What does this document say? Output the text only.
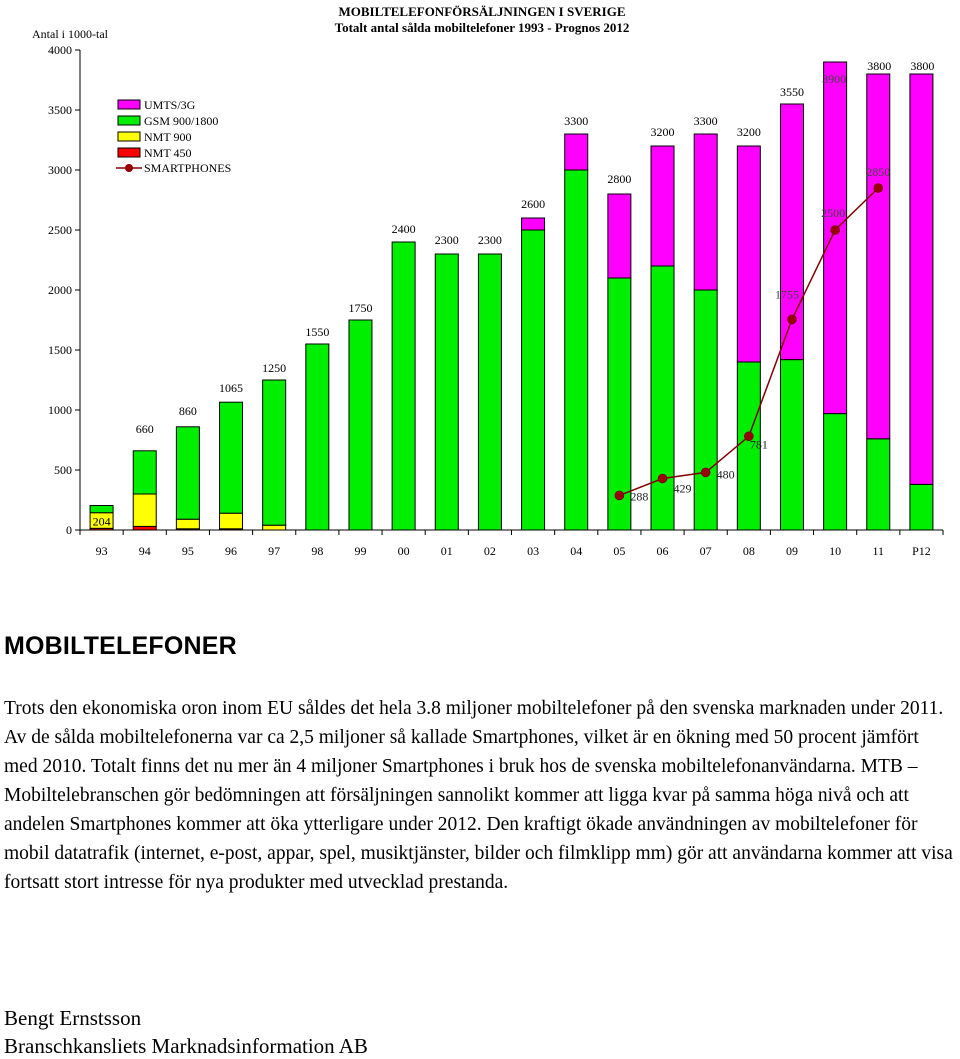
Antal i 1000-tal
MOBILTELEFONFÖRSÄLJNINGEN I SVERIGE
Totalt antal sålda mobiltelefoner 1993 - Prognos 2012
0
500
1000
1500
2000
2500
3000
3500
4000
93	94	95	96	97	98	99	00	01	02	03	04	05	06	07	08	09	10	11 P12
204
660
860
1065
1250
1550
1750
2400
2300 2300
2600
3300
2800
3200
3300
3200
3550
3900
3800 3800
288
429
480
781
1755
2500
2850
UMTS/3G
GSM 900/1800
NMT 900
NMT 450
SMARTPHONES
MOBILTELEFONER

Trots den ekonomiska oron inom EU såldes det hela 3.8 miljoner mobiltelefoner på den svenska marknaden under 2011. Av de sålda mobiltelefonerna var ca 2,5 miljoner så kallade Smartphones, vilket är en ökning med 50 procent jämfört med 2010. Totalt finns det nu mer än 4 miljoner Smartphones i bruk hos de svenska mobiltelefonanvändarna. MTB – Mobiltelebranschen gör bedömningen att försäljningen sannolikt kommer att ligga kvar på samma höga nivå och att andelen Smartphones kommer att öka ytterligare under 2012. Den kraftigt ökade användningen av mobiltelefoner för mobil datatrafik (internet, e-post, appar, spel, musiktjänster, bilder och filmklipp mm) gör att användarna kommer att visa fortsatt stort intresse för nya produkter med utvecklad prestanda.

Bengt Ernstsson

Branschkansliets Marknadsinformation AB
